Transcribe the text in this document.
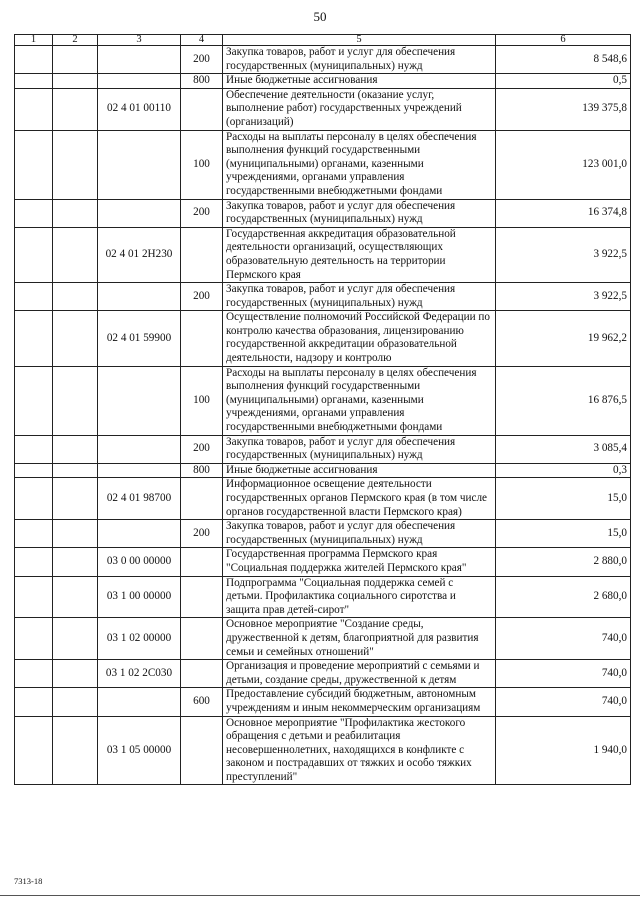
50
1	2	3	4	5	6
			200	Закупка товаров, работ и услуг для обеспечения государственных (муниципальных) нужд	8 548,6
			800	Иные бюджетные ассигнования	0,5
		02 4 01 00110		Обеспечение деятельности (оказание услуг, выполнение работ) государственных учреждений (организаций)	139 375,8
			100	Расходы на выплаты персоналу в целях обеспечения выполнения функций государственными (муниципальными) органами, казенными учреждениями, органами управления государственными внебюджетными фондами	123 001,0
			200	Закупка товаров, работ и услуг для обеспечения государственных (муниципальных) нужд	16 374,8
		02 4 01 2Н230		Государственная аккредитация образовательной деятельности организаций, осуществляющих образовательную деятельность на территории Пермского края	3 922,5
			200	Закупка товаров, работ и услуг для обеспечения государственных (муниципальных) нужд	3 922,5
		02 4 01 59900		Осуществление полномочий Российской Федерации по контролю качества образования, лицензированию государственной аккредитации образовательной деятельности, надзору и контролю	19 962,2
			100	Расходы на выплаты персоналу в целях обеспечения выполнения функций государственными (муниципальными) органами, казенными учреждениями, органами управления государственными внебюджетными фондами	16 876,5
			200	Закупка товаров, работ и услуг для обеспечения государственных (муниципальных) нужд	3 085,4
			800	Иные бюджетные ассигнования	0,3
		02 4 01 98700		Информационное освещение деятельности государственных органов Пермского края (в том числе органов государственной власти Пермского края)	15,0
			200	Закупка товаров, работ и услуг для обеспечения государственных (муниципальных) нужд	15,0
		03 0 00 00000		Государственная программа Пермского края "Социальная поддержка жителей Пермского края"	2 880,0
		03 1 00 00000		Подпрограмма "Социальная поддержка семей с детьми. Профилактика социального сиротства и защита прав детей-сирот"	2 680,0
		03 1 02 00000		Основное мероприятие "Создание среды, дружественной к детям, благоприятной для развития семьи и семейных отношений"	740,0
		03 1 02 2С030		Организация и проведение мероприятий с семьями и детьми, создание среды, дружественной к детям	740,0
			600	Предоставление субсидий бюджетным, автономным учреждениям и иным некоммерческим организациям	740,0
		03 1 05 00000		Основное мероприятие "Профилактика жестокого обращения с детьми и реабилитация несовершеннолетних, находящихся в конфликте с законом и пострадавших от тяжких и особо тяжких преступлений"	1 940,0
7313-18
